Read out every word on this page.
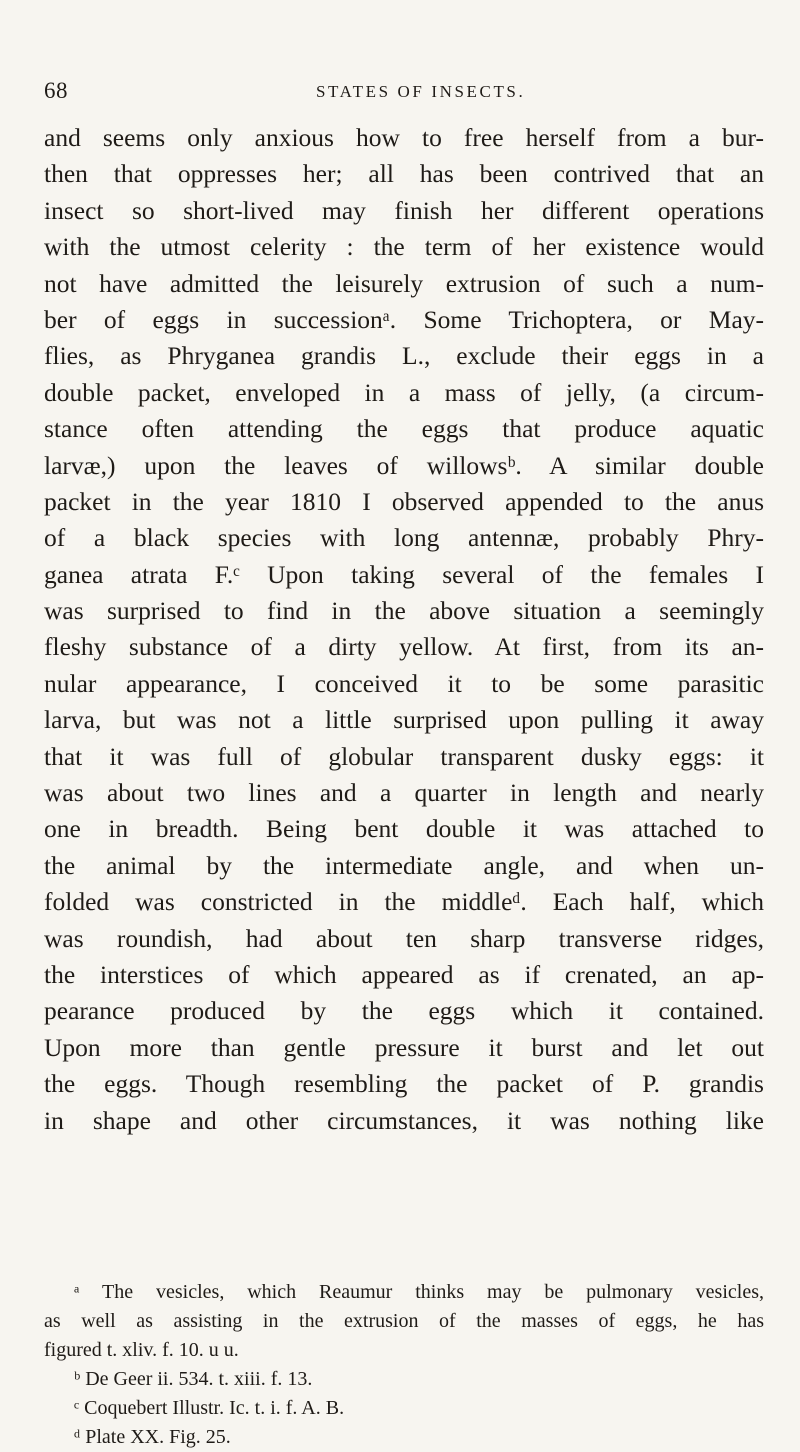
68	STATES OF INSECTS.
and seems only anxious how to free herself from a bur-
then that oppresses her; all has been contrived that an
insect so short-lived may finish her different operations
with the utmost celerity : the term of her existence would
not have admitted the leisurely extrusion of such a num-
ber of eggs in successionᵃ. Some Trichoptera, or May-
flies, as Phryganea grandis L., exclude their eggs in a
double packet, enveloped in a mass of jelly, (a circum-
stance often attending the eggs that produce aquatic
larvæ,) upon the leaves of willowsᵇ. A similar double
packet in the year 1810 I observed appended to the anus
of a black species with long antennæ, probably Phry-
ganea atrata F.ᶜ Upon taking several of the females I
was surprised to find in the above situation a seemingly
fleshy substance of a dirty yellow. At first, from its an-
nular appearance, I conceived it to be some parasitic
larva, but was not a little surprised upon pulling it away
that it was full of globular transparent dusky eggs: it
was about two lines and a quarter in length and nearly
one in breadth. Being bent double it was attached to
the animal by the intermediate angle, and when un-
folded was constricted in the middleᵈ. Each half, which
was roundish, had about ten sharp transverse ridges,
the interstices of which appeared as if crenated, an ap-
pearance produced by the eggs which it contained.
Upon more than gentle pressure it burst and let out
the eggs. Though resembling the packet of P. grandis
in shape and other circumstances, it was nothing like
ᵃ The vesicles, which Reaumur thinks may be pulmonary vesicles,
as well as assisting in the extrusion of the masses of eggs, he has
figured t. xliv. f. 10. u u.
ᵇ De Geer ii. 534. t. xiii. f. 13.
ᶜ Coquebert Illustr. Ic. t. i. f. A. B.
ᵈ Plate XX. Fig. 25.
